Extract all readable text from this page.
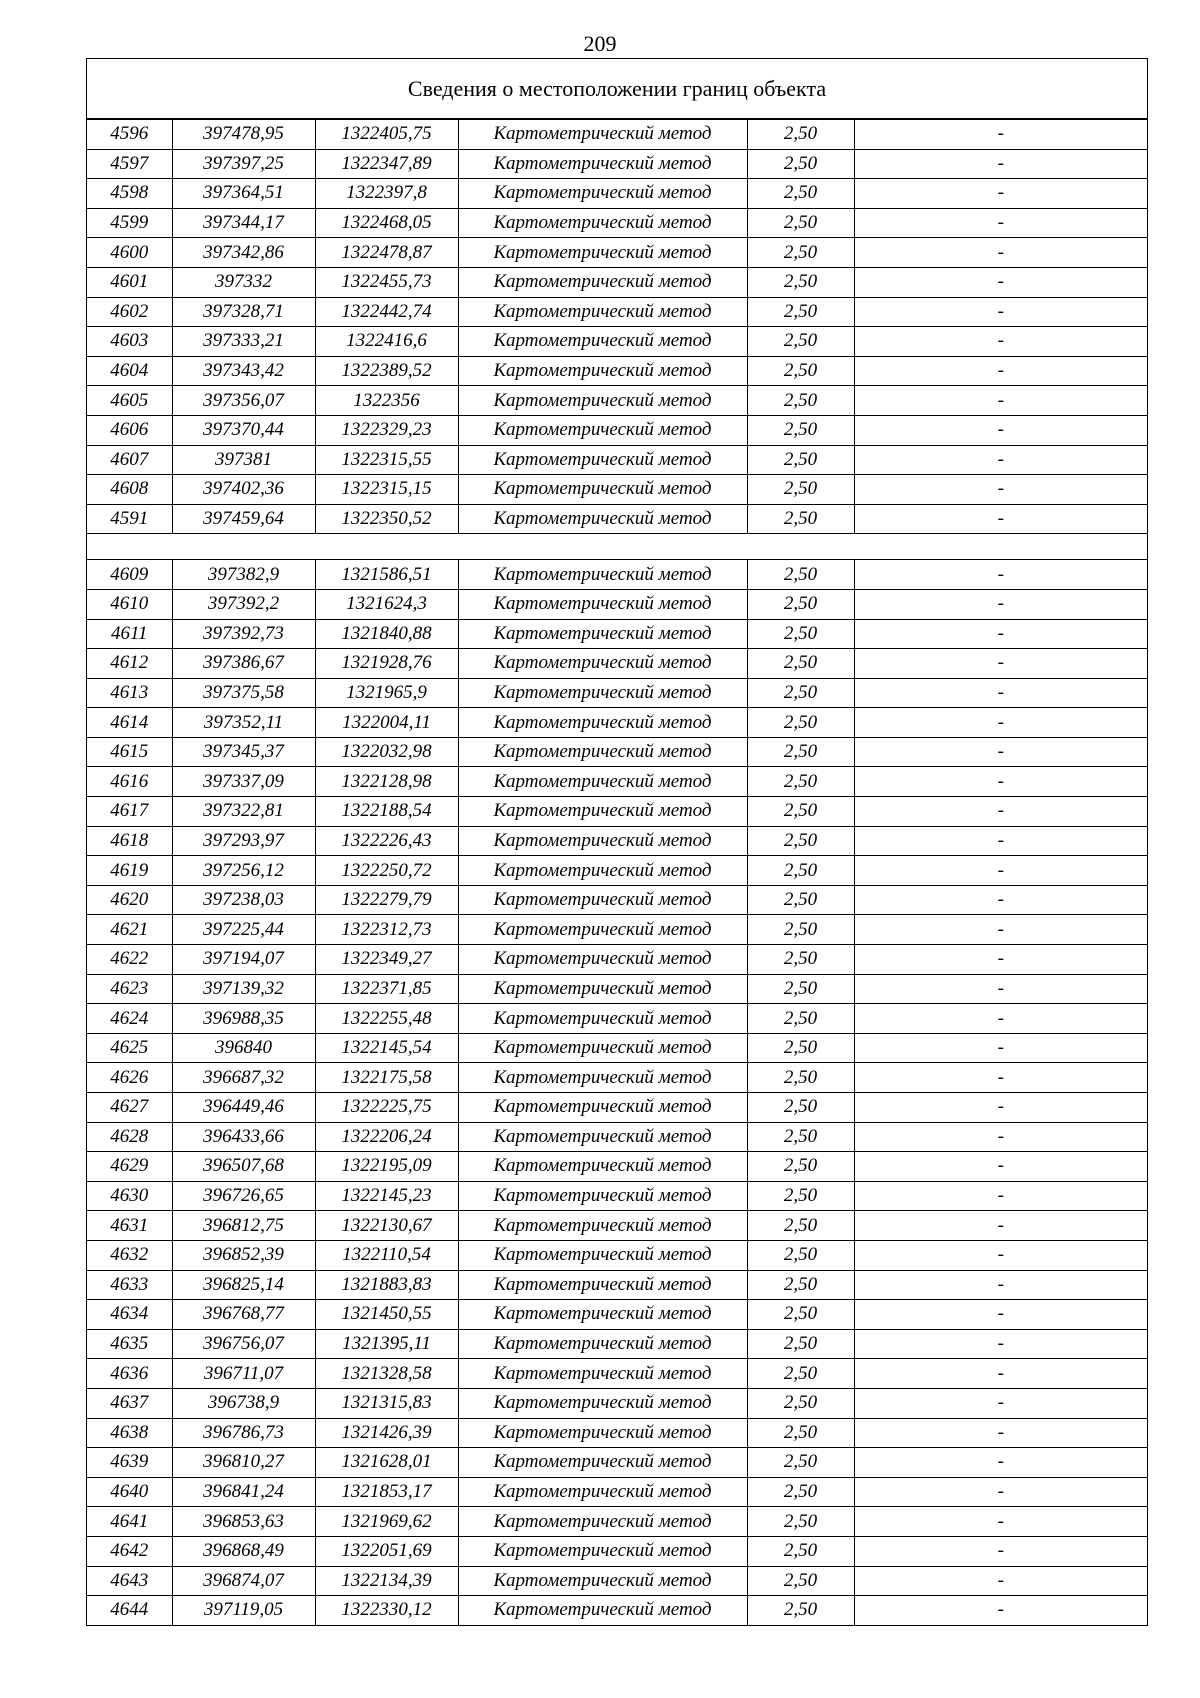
209
Сведения о местоположении границ объекта
4596	397478,95	1322405,75	Картометрический метод	2,50	-
4597	397397,25	1322347,89	Картометрический метод	2,50	-
4598	397364,51	1322397,8	Картометрический метод	2,50	-
4599	397344,17	1322468,05	Картометрический метод	2,50	-
4600	397342,86	1322478,87	Картометрический метод	2,50	-
4601	397332	1322455,73	Картометрический метод	2,50	-
4602	397328,71	1322442,74	Картометрический метод	2,50	-
4603	397333,21	1322416,6	Картометрический метод	2,50	-
4604	397343,42	1322389,52	Картометрический метод	2,50	-
4605	397356,07	1322356	Картометрический метод	2,50	-
4606	397370,44	1322329,23	Картометрический метод	2,50	-
4607	397381	1322315,55	Картометрический метод	2,50	-
4608	397402,36	1322315,15	Картометрический метод	2,50	-
4591	397459,64	1322350,52	Картометрический метод	2,50	-

4609	397382,9	1321586,51	Картометрический метод	2,50	-
4610	397392,2	1321624,3	Картометрический метод	2,50	-
4611	397392,73	1321840,88	Картометрический метод	2,50	-
4612	397386,67	1321928,76	Картометрический метод	2,50	-
4613	397375,58	1321965,9	Картометрический метод	2,50	-
4614	397352,11	1322004,11	Картометрический метод	2,50	-
4615	397345,37	1322032,98	Картометрический метод	2,50	-
4616	397337,09	1322128,98	Картометрический метод	2,50	-
4617	397322,81	1322188,54	Картометрический метод	2,50	-
4618	397293,97	1322226,43	Картометрический метод	2,50	-
4619	397256,12	1322250,72	Картометрический метод	2,50	-
4620	397238,03	1322279,79	Картометрический метод	2,50	-
4621	397225,44	1322312,73	Картометрический метод	2,50	-
4622	397194,07	1322349,27	Картометрический метод	2,50	-
4623	397139,32	1322371,85	Картометрический метод	2,50	-
4624	396988,35	1322255,48	Картометрический метод	2,50	-
4625	396840	1322145,54	Картометрический метод	2,50	-
4626	396687,32	1322175,58	Картометрический метод	2,50	-
4627	396449,46	1322225,75	Картометрический метод	2,50	-
4628	396433,66	1322206,24	Картометрический метод	2,50	-
4629	396507,68	1322195,09	Картометрический метод	2,50	-
4630	396726,65	1322145,23	Картометрический метод	2,50	-
4631	396812,75	1322130,67	Картометрический метод	2,50	-
4632	396852,39	1322110,54	Картометрический метод	2,50	-
4633	396825,14	1321883,83	Картометрический метод	2,50	-
4634	396768,77	1321450,55	Картометрический метод	2,50	-
4635	396756,07	1321395,11	Картометрический метод	2,50	-
4636	396711,07	1321328,58	Картометрический метод	2,50	-
4637	396738,9	1321315,83	Картометрический метод	2,50	-
4638	396786,73	1321426,39	Картометрический метод	2,50	-
4639	396810,27	1321628,01	Картометрический метод	2,50	-
4640	396841,24	1321853,17	Картометрический метод	2,50	-
4641	396853,63	1321969,62	Картометрический метод	2,50	-
4642	396868,49	1322051,69	Картометрический метод	2,50	-
4643	396874,07	1322134,39	Картометрический метод	2,50	-
4644	397119,05	1322330,12	Картометрический метод	2,50	-
